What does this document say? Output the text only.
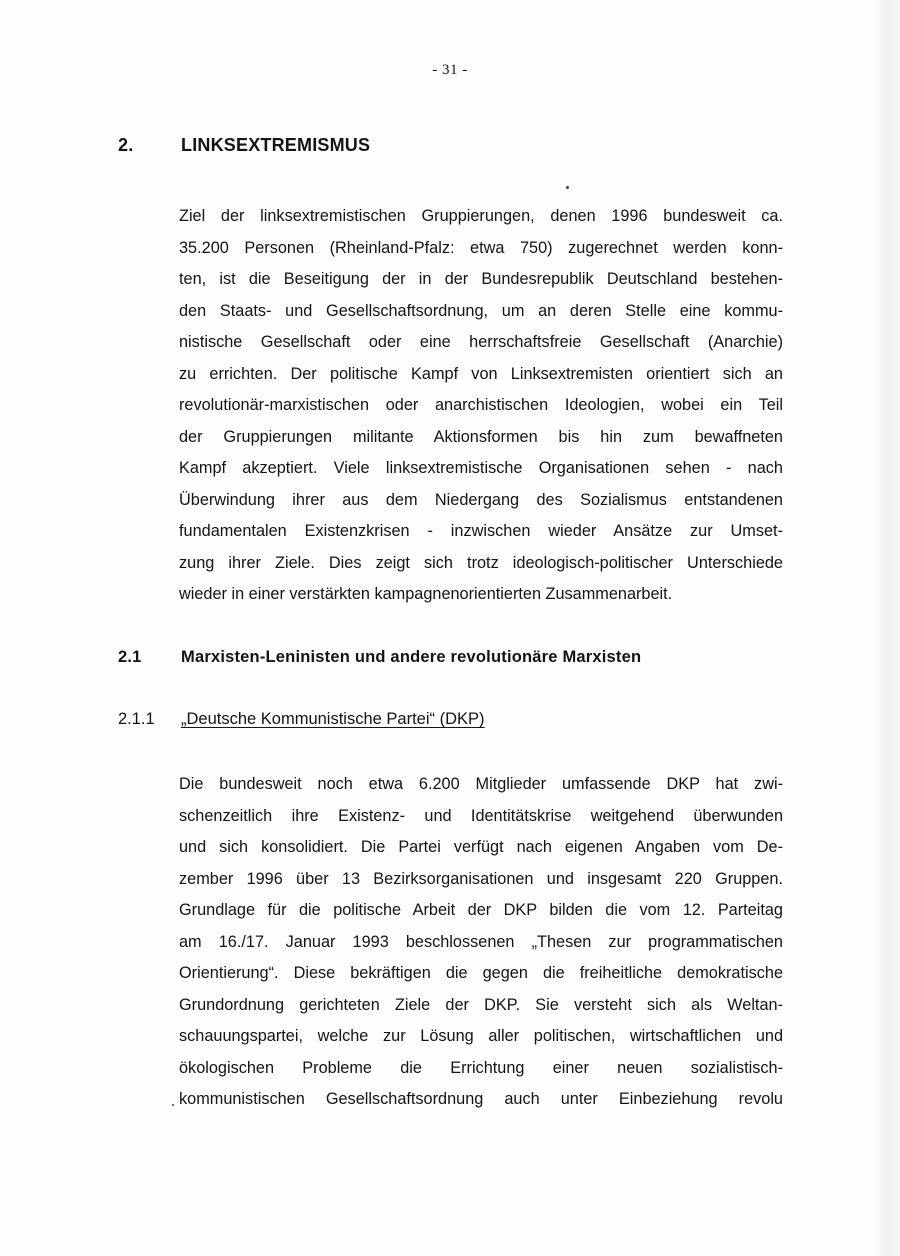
- 31 -
2.	LINKSEXTREMISMUS
Ziel der linksextremistischen Gruppierungen, denen 1996 bundesweit ca.
35.200 Personen (Rheinland-Pfalz: etwa 750) zugerechnet werden konn-
ten, ist die Beseitigung der in der Bundesrepublik Deutschland bestehen-
den Staats- und Gesellschaftsordnung, um an deren Stelle eine kommu-
nistische Gesellschaft oder eine herrschaftsfreie Gesellschaft (Anarchie)
zu errichten. Der politische Kampf von Linksextremisten orientiert sich an
revolutionär-marxistischen oder anarchistischen Ideologien, wobei ein Teil
der Gruppierungen militante Aktionsformen bis hin zum bewaffneten
Kampf akzeptiert. Viele linksextremistische Organisationen sehen - nach
Überwindung ihrer aus dem Niedergang des Sozialismus entstandenen
fundamentalen Existenzkrisen - inzwischen wieder Ansätze zur Umset-
zung ihrer Ziele. Dies zeigt sich trotz ideologisch-politischer Unterschiede
wieder in einer verstärkten kampagnenorientierten Zusammenarbeit.
2.1 Marxisten-Leninisten und andere revolutionäre Marxisten
2.1.1 „Deutsche Kommunistische Partei“ (DKP)
Die bundesweit noch etwa 6.200 Mitglieder umfassende DKP hat zwi-
schenzeitlich ihre Existenz- und Identitätskrise weitgehend überwunden
und sich konsolidiert. Die Partei verfügt nach eigenen Angaben vom De-
zember 1996 über 13 Bezirksorganisationen und insgesamt 220 Gruppen.
Grundlage für die politische Arbeit der DKP bilden die vom 12. Parteitag
am 16./17. Januar 1993 beschlossenen „Thesen zur programmatischen
Orientierung“. Diese bekräftigen die gegen die freiheitliche demokratische
Grundordnung gerichteten Ziele der DKP. Sie versteht sich als Weltan-
schauungspartei, welche zur Lösung aller politischen, wirtschaftlichen und
ökologischen Probleme die Errichtung einer neuen sozialistisch-
kommunistischen Gesellschaftsordnung auch unter Einbeziehung revolu
